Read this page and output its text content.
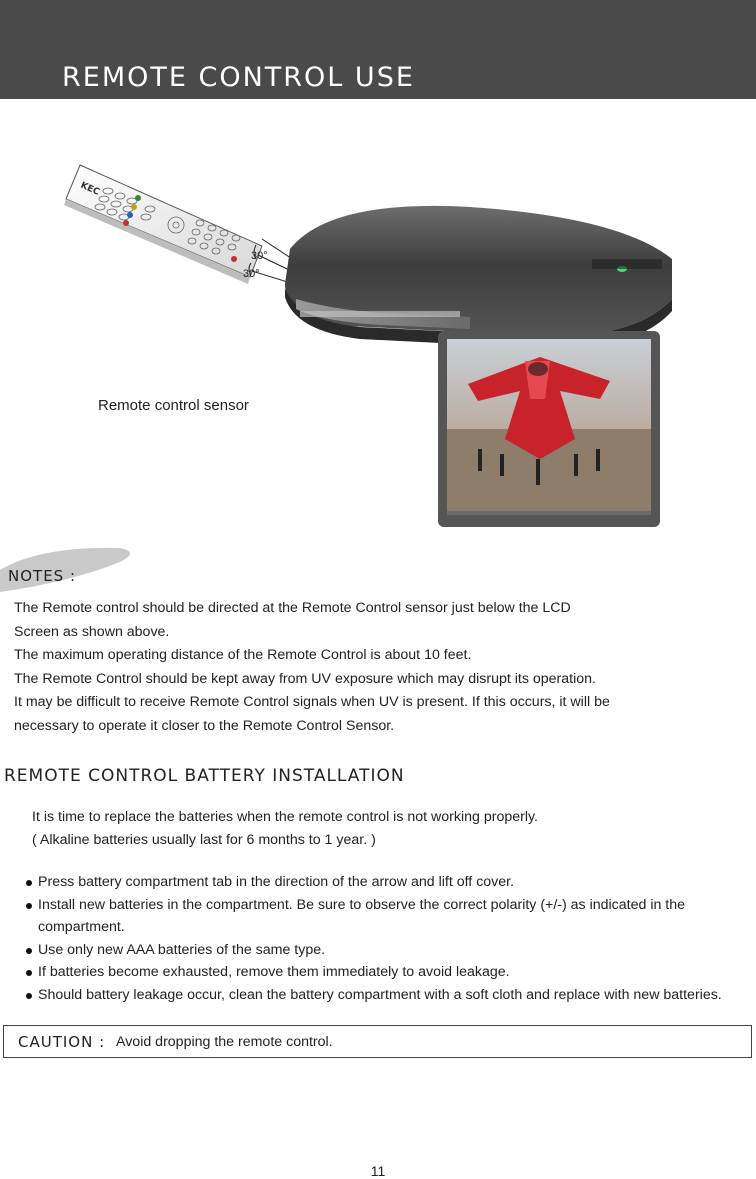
REMOTE CONTROL USE
KEC
30°
30°
Remote control sensor
NOTES :
The Remote control should be directed at the Remote Control sensor just below the LCD
Screen as shown above.
The maximum operating distance of the Remote Control is about 10 feet.
The Remote Control should be kept away from UV exposure which may disrupt its operation.
It may be difficult to receive Remote Control signals when UV is present. If this occurs, it will be
necessary to operate it closer to the Remote Control Sensor.
REMOTE CONTROL BATTERY INSTALLATION
It is time to replace the batteries when the remote control is not working properly.
( Alkaline batteries usually last for 6 months to 1 year. )
Press battery compartment tab in the direction of the arrow and lift off cover.
Install new batteries in the compartment. Be sure to observe the correct polarity (+/-) as indicated in the compartment.
Use only new AAA batteries of the same type.
If batteries become exhausted, remove them immediately to avoid leakage.
Should battery leakage occur, clean the battery compartment with a soft cloth and replace with new batteries.
CAUTION : Avoid dropping the remote control.
11
